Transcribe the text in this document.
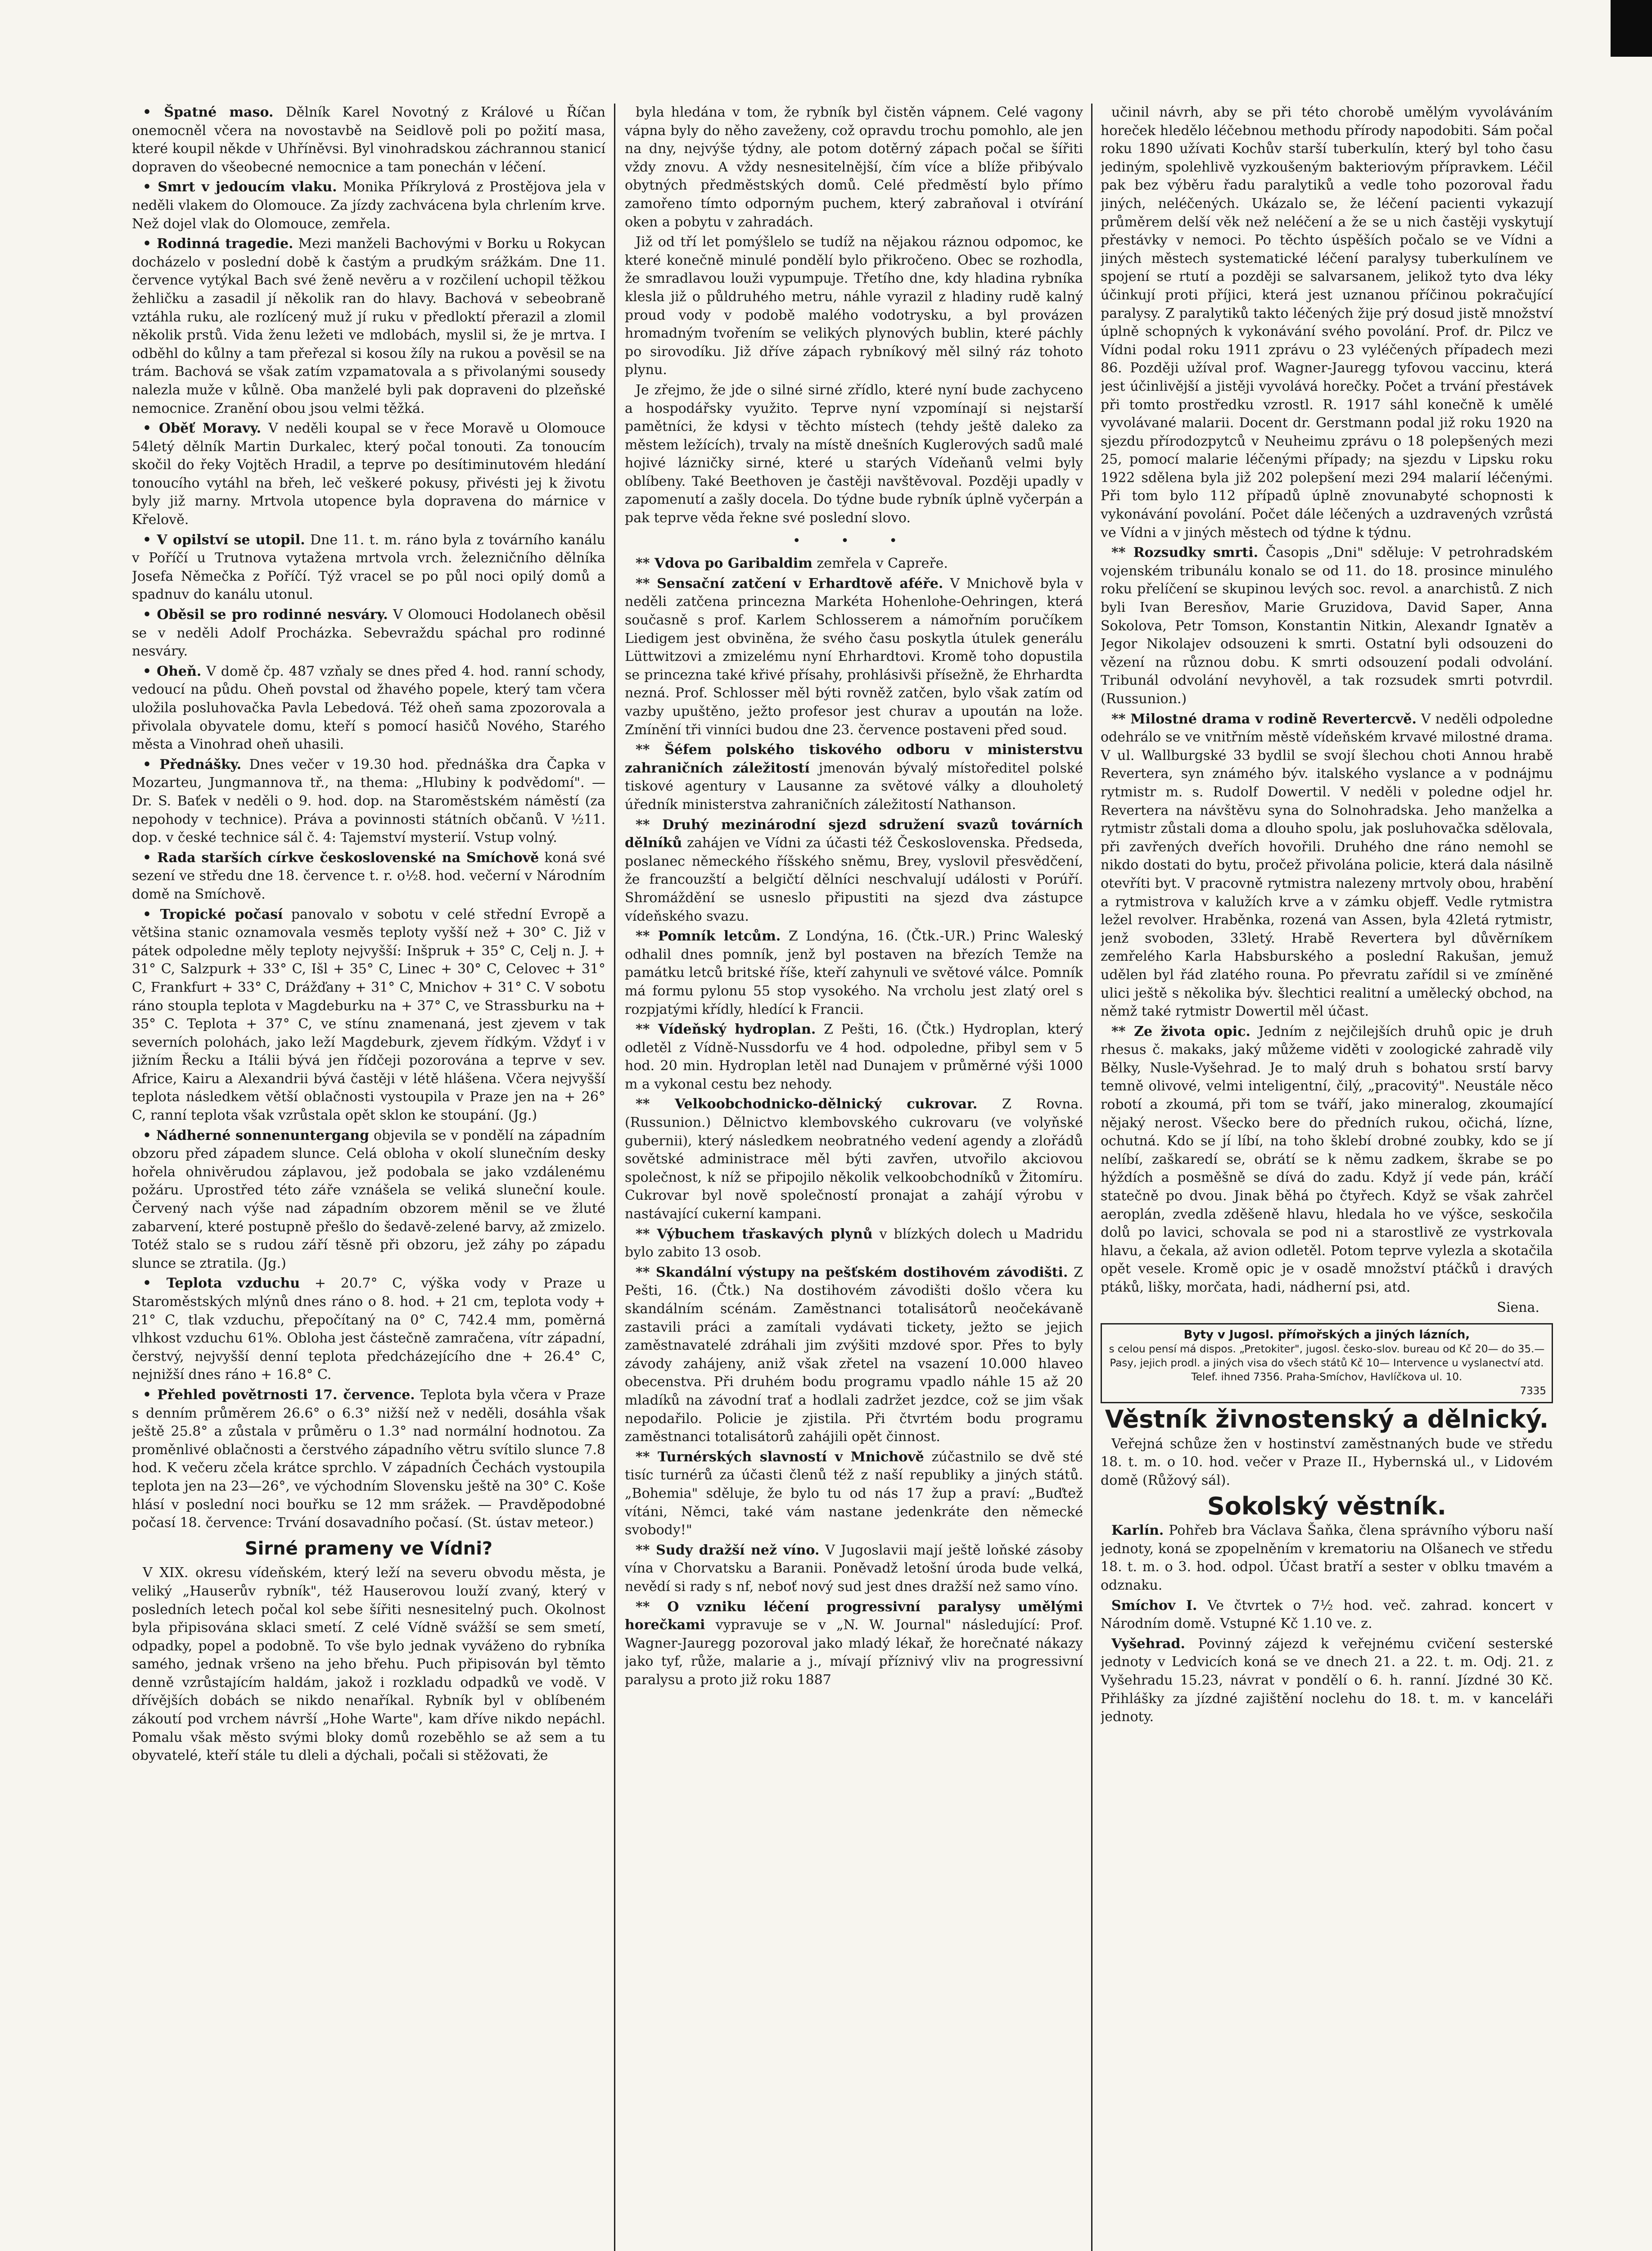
• Špatné maso. Dělník Karel Novotný z Králové u Říčan onemocněl včera na novostavbě na Seidlově poli po požití masa, které koupil někde v Uhříněvsi. Byl vinohradskou záchrannou stanicí dopraven do všeobecné nemocnice a tam ponechán v léčení.

• Smrt v jedoucím vlaku. Monika Příkrylová z Prostějova jela v neděli vlakem do Olomouce. Za jízdy zachvácena byla chrlením krve. Než dojel vlak do Olomouce, zemřela.

• Rodinná tragedie. Mezi manželi Bachovými v Borku u Rokycan docházelo v poslední době k častým a prudkým srážkám. Dne 11. července vytýkal Bach své ženě nevěru a v rozčilení uchopil těžkou žehličku a zasadil jí několik ran do hlavy. Bachová v sebeobraně vztáhla ruku, ale rozlícený muž jí ruku v předloktí přerazil a zlomil několik prstů. Vida ženu ležeti ve mdlobách, myslil si, že je mrtva. I odběhl do kůlny a tam přeřezal si kosou žíly na rukou a pověsil se na trám. Bachová se však zatím vzpamatovala a s přivolanými sousedy nalezla muže v kůlně. Oba manželé byli pak dopraveni do plzeňské nemocnice. Zranění obou jsou velmi těžká.

• Oběť Moravy. V neděli koupal se v řece Moravě u Olomouce 54letý dělník Martin Durkalec, který počal tonouti. Za tonoucím skočil do řeky Vojtěch Hradil, a teprve po desítiminutovém hledání tonoucího vytáhl na břeh, leč veškeré pokusy, přivésti jej k životu byly již marny. Mrtvola utopence byla dopravena do márnice v Křelově.

• V opilství se utopil. Dne 11. t. m. ráno byla z továrního kanálu v Poříčí u Trutnova vytažena mrtvola vrch. železničního dělníka Josefa Němečka z Poříčí. Týž vracel se po půl noci opilý domů a spadnuv do kanálu utonul.

• Oběsil se pro rodinné nesváry. V Olomouci Hodolanech oběsil se v neděli Adolf Procházka. Sebevraždu spáchal pro rodinné nesváry.

• Oheň. V domě čp. 487 vzňaly se dnes před 4. hod. ranní schody, vedoucí na půdu. Oheň povstal od žhavého popele, který tam včera uložila posluhovačka Pavla Lebedová. Též oheň sama zpozorovala a přivolala obyvatele domu, kteří s pomocí hasičů Nového, Starého města a Vinohrad oheň uhasili.

• Přednášky. Dnes večer v 19.30 hod. přednáška dra Čapka v Mozarteu, Jungmannova tř., na thema: „Hlubiny k podvědomí". — Dr. S. Baťek v neděli o 9. hod. dop. na Staroměstském náměstí (za nepohody v technice). Práva a povinnosti státních občanů. V ½11. dop. v české technice sál č. 4: Tajemství mysterií. Vstup volný.

• Rada starších církve československé na Smíchově koná své sezení ve středu dne 18. července t. r. o½8. hod. večerní v Národním domě na Smíchově.

• Tropické počasí panovalo v sobotu v celé střední Evropě a většina stanic oznamovala vesměs teploty vyšší než + 30° C. Již v pátek odpoledne měly teploty nejvyšší: Inšpruk + 35° C, Celj n. J. + 31° C, Salzpurk + 33° C, Išl + 35° C, Linec + 30° C, Celovec + 31° C, Frankfurt + 33° C, Drážďany + 31° C, Mnichov + 31° C. V sobotu ráno stoupla teplota v Magdeburku na + 37° C, ve Strassburku na + 35° C. Teplota + 37° C, ve stínu znamenaná, jest zjevem v tak severních polohách, jako leží Magdeburk, zjevem řídkým. Vždyť i v jižním Řecku a Itálii bývá jen řídčeji pozorována a teprve v sev. Africe, Kairu a Alexandrii bývá častěji v létě hlášena. Včera nejvyšší teplota následkem větší oblačnosti vystoupila v Praze jen na + 26° C, ranní teplota však vzrůstala opět sklon ke stoupání. (Jg.)

• Nádherné sonnenuntergang objevila se v pondělí na západním obzoru před západem slunce. Celá obloha v okolí slunečním desky hořela ohnivěrudou záplavou, jež podobala se jako vzdálenému požáru. Uprostřed této záře vznášela se veliká sluneční koule. Červený nach výše nad západním obzorem měnil se ve žluté zabarvení, které postupně přešlo do šedavě-zelené barvy, až zmizelo. Totéž stalo se s rudou září těsně při obzoru, jež záhy po západu slunce se ztratila. (Jg.)

• Teplota vzduchu + 20.7° C, výška vody v Praze u Staroměstských mlýnů dnes ráno o 8. hod. + 21 cm, teplota vody + 21° C, tlak vzduchu, přepočítaný na 0° C, 742.4 mm, poměrná vlhkost vzduchu 61%. Obloha jest částečně zamračena, vítr západní, čerstvý, nejvyšší denní teplota předcházejícího dne + 26.4° C, nejnižší dnes ráno + 16.8° C.

• Přehled povětrnosti 17. července. Teplota byla včera v Praze s denním průměrem 26.6° o 6.3° nižší než v neděli, dosáhla však ještě 25.8° a zůstala v průměru o 1.3° nad normální hodnotou. Za proměnlivé oblačnosti a čerstvého západního větru svítilo slunce 7.8 hod. K večeru zčela krátce sprchlo. V západních Čechách vystoupila teplota jen na 23—26°, ve východním Slovensku ještě na 30° C. Koše hlásí v poslední noci bouřku se 12 mm srážek. — Pravděpodobné počasí 18. července: Trvání dosavadního počasí. (St. ústav meteor.)

Sirné prameny ve Vídni?

V XIX. okresu vídeňském, který leží na severu obvodu města, je veliký „Hauserův rybník", též Hauserovou louží zvaný, který v posledních letech počal kol sebe šířiti nesnesitelný puch. Okolnost byla připisována sklaci smetí. Z celé Vídně svážší se sem smetí, odpadky, popel a podobně. To vše bylo jednak vyváženo do rybníka samého, jednak vršeno na jeho břehu. Puch připisován byl těmto denně vzrůstajícím haldám, jakož i rozkladu odpadků ve vodě. V dřívějších dobách se nikdo nenaříkal. Rybník byl v oblíbeném zákoutí pod vrchem návrší „Hohe Warte", kam dříve nikdo nepáchl. Pomalu však město svými bloky domů rozeběhlo se až sem a tu obyvatelé, kteří stále tu dleli a dýchali, počali si stěžovati, že

byla hledána v tom, že rybník byl čistěn vápnem. Celé vagony vápna byly do něho zaveženy, což opravdu trochu pomohlo, ale jen na dny, nejvýše týdny, ale potom dotěrný zápach počal se šířiti vždy znovu. A vždy nesnesitelnější, čím více a blíže přibývalo obytných předměstských domů. Celé předměstí bylo přímo zamořeno tímto odporným puchem, který zabraňoval i otvírání oken a pobytu v zahradách.

Již od tří let pomýšlelo se tudíž na nějakou ráznou odpomoc, ke které konečně minulé pondělí bylo přikročeno. Obec se rozhodla, že smradlavou louži vypumpuje. Třetího dne, kdy hladina rybníka klesla již o půldruhého metru, náhle vyrazil z hladiny rudě kalný proud vody v podobě malého vodotrysku, a byl provázen hromadným tvořením se velikých plynových bublin, které páchly po sirovodíku. Již dříve zápach rybníkový měl silný ráz tohoto plynu.

Je zřejmo, že jde o silné sirné zřídlo, které nyní bude zachyceno a hospodářsky využito. Teprve nyní vzpomínají si nejstarší pamětníci, že kdysi v těchto místech (tehdy ještě daleko za městem ležících), trvaly na místě dnešních Kuglerových sadů malé hojivé lázničky sirné, které u starých Vídeňanů velmi byly oblíbeny. Také Beethoven je častěji navštěvoval. Později upadly v zapomenutí a zašly docela. Do týdne bude rybník úplně vyčerpán a pak teprve věda řekne své poslední slovo.

• • •

** Vdova po Garibaldim zemřela v Capreře.

** Sensační zatčení v Erhardtově aféře. V Mnichově byla v neděli zatčena princezna Markéta Hohenlohe-Oehringen, která současně s prof. Karlem Schlosserem a námořním poručíkem Liedigem jest obviněna, že svého času poskytla útulek generálu Lüttwitzovi a zmizelému nyní Ehrhardtovi. Kromě toho dopustila se princezna také křivé přísahy, prohlásivši přísežně, že Ehrhardta nezná. Prof. Schlosser měl býti rovněž zatčen, bylo však zatím od vazby upuštěno, ježto profesor jest churav a upoután na lože. Zmínění tři vinníci budou dne 23. července postaveni před soud.

** Šéfem polského tiskového odboru v ministerstvu zahraničních záležitostí jmenován bývalý místoředitel polské tiskové agentury v Lausanne za světové války a dlouholetý úředník ministerstva zahraničních záležitostí Nathanson.

** Druhý mezinárodní sjezd sdružení svazů továrních dělníků zahájen ve Vídni za účasti též Československa. Předseda, poslanec německého říšského sněmu, Brey, vyslovil přesvědčení, že francouzští a belgičtí dělníci neschvalují události v Porúří. Shromáždění se usneslo připustiti na sjezd dva zástupce vídeňského svazu.

** Pomník letcům. Z Londýna, 16. (Čtk.-UR.) Princ Waleský odhalil dnes pomník, jenž byl postaven na březích Temže na památku letců britské říše, kteří zahynuli ve světové válce. Pomník má formu pylonu 55 stop vysokého. Na vrcholu jest zlatý orel s rozpjatými křídly, hledící k Francii.

** Vídeňský hydroplan. Z Pešti, 16. (Čtk.) Hydroplan, který odletěl z Vídně-Nussdorfu ve 4 hod. odpoledne, přibyl sem v 5 hod. 20 min. Hydroplan letěl nad Dunajem v průměrné výši 1000 m a vykonal cestu bez nehody.

** Velkoobchodnicko-dělnický cukrovar. Z Rovna. (Russunion.) Dělnictvo klembovského cukrovaru (ve volyňské gubernii), který následkem neobratného vedení agendy a zlořádů sovětské administrace měl býti zavřen, utvořilo akciovou společnost, k níž se připojilo několik velkoobchodníků v Žitomíru. Cukrovar byl nově společností pronajat a zahájí výrobu v nastávající cukerní kampani.

** Výbuchem třaskavých plynů v blízkých dolech u Madridu bylo zabito 13 osob.

** Skandální výstupy na pešťském dostihovém závodišti. Z Pešti, 16. (Čtk.) Na dostihovém závodišti došlo včera ku skandálním scénám. Zaměstnanci totalisátorů neočekávaně zastavili práci a zamítali vydávati tickety, ježto se jejich zaměstnavatelé zdráhali jim zvýšiti mzdové spor. Přes to byly závody zahájeny, aniž však zřetel na vsazení 10.000 hlaveo obecenstva. Při druhém bodu programu vpadlo náhle 15 až 20 mladíků na závodní trať a hodlali zadržet jezdce, což se jim však nepodařilo. Policie je zjistila. Při čtvrtém bodu programu zaměstnanci totalisátorů zahájili opět činnost.

** Turnérských slavností v Mnichově zúčastnilo se dvě sté tisíc turnérů za účasti členů též z naší republiky a jiných států. „Bohemia" sděluje, že bylo tu od nás 17 žup a praví: „Buďtež vítáni, Němci, také vám nastane jedenkráte den německé svobody!"

** Sudy dražší než víno. V Jugoslavii mají ještě loňské zásoby vína v Chorvatsku a Baranii. Poněvadž letošní úroda bude velká, nevědí si rady s nf, neboť nový sud jest dnes dražší než samo víno.

** O vzniku léčení progressivní paralysy umělými horečkami vypravuje se v „N. W. Journal" následující: Prof. Wagner-Jauregg pozoroval jako mladý lékař, že horečnaté nákazy jako tyf, růže, malarie a j., mívají příznivý vliv na progressivní paralysu a proto již roku 1887

učinil návrh, aby se při této chorobě umělým vyvoláváním horeček hledělo léčebnou methodu přírody napodobiti. Sám počal roku 1890 užívati Kochův starší tuberkulín, který byl toho času jediným, spolehlivě vyzkoušeným bakteriovým přípravkem. Léčil pak bez výběru řadu paralytiků a vedle toho pozoroval řadu jiných, neléčených. Ukázalo se, že léčení pacienti vykazují průměrem delší věk než neléčení a že se u nich častěji vyskytují přestávky v nemoci. Po těchto úspěších počalo se ve Vídni a jiných městech systematické léčení paralysy tuberkulínem ve spojení se rtutí a později se salvarsanem, jelikož tyto dva léky účinkují proti příjici, která jest uznanou příčinou pokračující paralysy. Z paralytiků takto léčených žije prý dosud jistě množství úplně schopných k vykonávání svého povolání. Prof. dr. Pilcz ve Vídni podal roku 1911 zprávu o 23 vyléčených případech mezi 86. Později užíval prof. Wagner-Jauregg tyfovou vaccinu, která jest účinlivější a jistěji vyvolává horečky. Počet a trvání přestávek při tomto prostředku vzrostl. R. 1917 sáhl konečně k umělé vyvolávané malarii. Docent dr. Gerstmann podal již roku 1920 na sjezdu přírodozpytců v Neuheimu zprávu o 18 polepšených mezi 25, pomocí malarie léčenými případy; na sjezdu v Lipsku roku 1922 sdělena byla již 202 polepšení mezi 294 malarií léčenými. Při tom bylo 112 případů úplně znovunabyté schopnosti k vykonávání povolání. Počet dále léčených a uzdravených vzrůstá ve Vídni a v jiných městech od týdne k týdnu.

** Rozsudky smrti. Časopis „Dni" sděluje: V petrohradském vojenském tribunálu konalo se od 11. do 18. prosince minulého roku přelíčení se skupinou levých soc. revol. a anarchistů. Z nich byli Ivan Beresňov, Marie Gruzidova, David Saper, Anna Sokolova, Petr Tomson, Konstantin Nitkin, Alexandr Ignatěv a Jegor Nikolajev odsouzeni k smrti. Ostatní byli odsouzeni do vězení na různou dobu. K smrti odsouzení podali odvolání. Tribunál odvolání nevyhověl, a tak rozsudek smrti potvrdil. (Russunion.)

** Milostné drama v rodině Revertercvě. V neděli odpoledne odehrálo se ve vnitřním městě vídeňském krvavé milostné drama. V ul. Wallburgské 33 bydlil se svojí šlechou choti Annou hrabě Revertera, syn známého býv. italského vyslance a v podnájmu rytmistr m. s. Rudolf Dowertil. V neděli v poledne odjel hr. Revertera na návštěvu syna do Solnohradska. Jeho manželka a rytmistr zůstali doma a dlouho spolu, jak posluhovačka sdělovala, při zavřených dveřích hovořili. Druhého dne ráno nemohl se nikdo dostati do bytu, pročež přivolána policie, která dala násilně otevříti byt. V pracovně rytmistra nalezeny mrtvoly obou, hrabění a rytmistrova v kalužích krve a v zámku objeff. Vedle rytmistra ležel revolver. Hraběnka, rozená van Assen, byla 42letá rytmistr, jenž svoboden, 33letý. Hrabě Revertera byl důvěrníkem zemřelého Karla Habsburského a poslední Rakušan, jemuž udělen byl řád zlatého rouna. Po převratu zařídil si ve zmíněné ulici ještě s několika býv. šlechtici realitní a umělecký obchod, na němž také rytmistr Dowertil měl účast.

** Ze života opic. Jedním z nejčilejších druhů opic je druh rhesus č. makaks, jaký můžeme viděti v zoologické zahradě vily Bělky, Nusle-Vyšehrad. Je to malý druh s bohatou srstí barvy temně olivové, velmi inteligentní, čilý, „pracovitý". Neustále něco robotí a zkoumá, při tom se tváří, jako mineralog, zkoumající nějaký nerost. Všecko bere do předních rukou, očichá, lízne, ochutná. Kdo se jí líbí, na toho šklebí drobné zoubky, kdo se jí nelíbí, zaškaredí se, obrátí se k němu zadkem, škrabe se po hýždích a posměšně se dívá do zadu. Když jí vede pán, kráčí statečně po dvou. Jinak běhá po čtyřech. Když se však zahrčel aeroplán, zvedla zděšeně hlavu, hledala ho ve výšce, seskočila dolů po lavici, schovala se pod ni a starostlivě ze vystrkovala hlavu, a čekala, až avion odletěl. Potom teprve vylezla a skotačila opět vesele. Kromě opic je v osadě množství ptáčků i dravých ptáků, lišky, morčata, hadi, nádherní psi, atd.

Siena.
Byty v Jugosl. přímořských a jiných lázních,
s celou pensí má dispos. „Pretokiter", jugosl. česko-slov. bureau od Kč 20— do 35.— Pasy, jejich prodl. a jiných visa do všech států Kč 10— Intervence u vyslanectví atd. Telef. ihned 7356. Praha-Smíchov, Havlíčkova ul. 10.
7335
Věstník živnostenský a dělnický.

Veřejná schůze žen v hostinství zaměstnaných bude ve středu 18. t. m. o 10. hod. večer v Praze II., Hybernská ul., v Lidovém domě (Růžový sál).

Sokolský věstník.

Karlín. Pohřeb bra Václava Šaňka, člena správního výboru naší jednoty, koná se zpopelněním v krematoriu na Olšanech ve středu 18. t. m. o 3. hod. odpol. Účast bratří a sester v oblku tmavém a odznaku.

Smíchov I. Ve čtvrtek o 7½ hod. več. zahrad. koncert v Národním domě. Vstupné Kč 1.10 ve. z.

Vyšehrad. Povinný zájezd k veřejnému cvičení sesterské jednoty v Ledvicích koná se ve dnech 21. a 22. t. m. Odj. 21. z Vyšehradu 15.23, návrat v pondělí o 6. h. ranní. Jízdné 30 Kč. Přihlášky za jízdné zajištění noclehu do 18. t. m. v kanceláři jednoty.
